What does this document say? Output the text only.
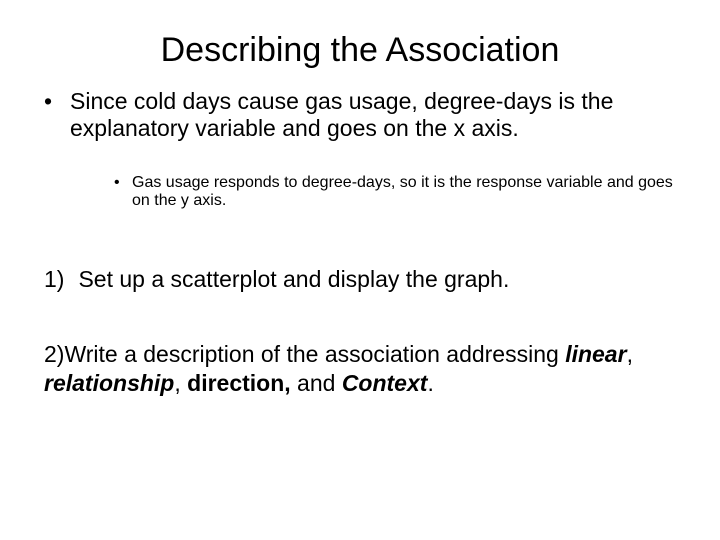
Describing the Association
• Since cold days cause gas usage, degree-days is the explanatory variable and goes on the x axis.
• Gas usage responds to degree-days, so it is the response variable and goes on the y axis.
1) Set up a scatterplot and display the graph.

2)Write a description of the association addressing linear, relationship, direction, and Context.
